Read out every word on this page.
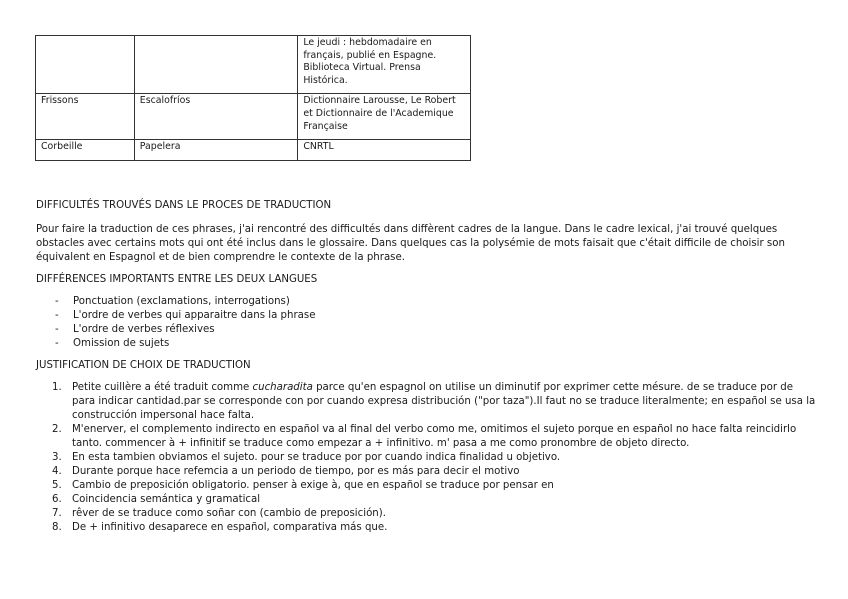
		Le jeudi : hebdomadaire en français, publié en Espagne. Biblioteca Virtual. Prensa Histórica.
Frissons	Escalofríos	Dictionnaire Larousse, Le Robert et Dictionnaire de l'Academique Française
Corbeille	Papelera	CNRTL

DIFFICULTÉS TROUVÉS DANS LE PROCES DE TRADUCTION

Pour faire la traduction de ces phrases, j'ai rencontré des difficultés dans diffèrent cadres de la langue. Dans le cadre lexical, j'ai trouvé quelques obstacles avec certains mots qui ont été inclus dans le glossaire. Dans quelques cas la polysémie de mots faisait que c'était difficile de choisir son équivalent en Espagnol et de bien comprendre le contexte de la phrase.

DIFFÉRENCES IMPORTANTS ENTRE LES DEUX LANGUES

- Ponctuation (exclamations, interrogations)
- L'ordre de verbes qui apparaitre dans la phrase
- L'ordre de verbes réflexives
- Omission de sujets

JUSTIFICATION DE CHOIX DE TRADUCTION

1. Petite cuillère a été traduit comme cucharadita parce qu'en espagnol on utilise un diminutif por exprimer cette mésure. de se traduce por de para indicar cantidad.par se corresponde con por cuando expresa distribución ("por taza").Il faut no se traduce literalmente; en español se usa la construcción impersonal hace falta.
2. M'enerver, el complemento indirecto en español va al final del verbo como me, omitimos el sujeto porque en español no hace falta reincidirlo tanto. commencer à + infinitif se traduce como empezar a + infinitivo. m' pasa a me como pronombre de objeto directo.
3. En esta tambien obviamos el sujeto. pour se traduce por por cuando indica finalidad u objetivo.
4. Durante porque hace refemcia a un periodo de tiempo, por es más para decir el motivo
5. Cambio de preposición obligatorio. penser à exige à, que en español se traduce por pensar en
6. Coincidencia semántica y gramatical
7. rêver de se traduce como soñar con (cambio de preposición).
8. De + infinitivo desaparece en español, comparativa más que.
